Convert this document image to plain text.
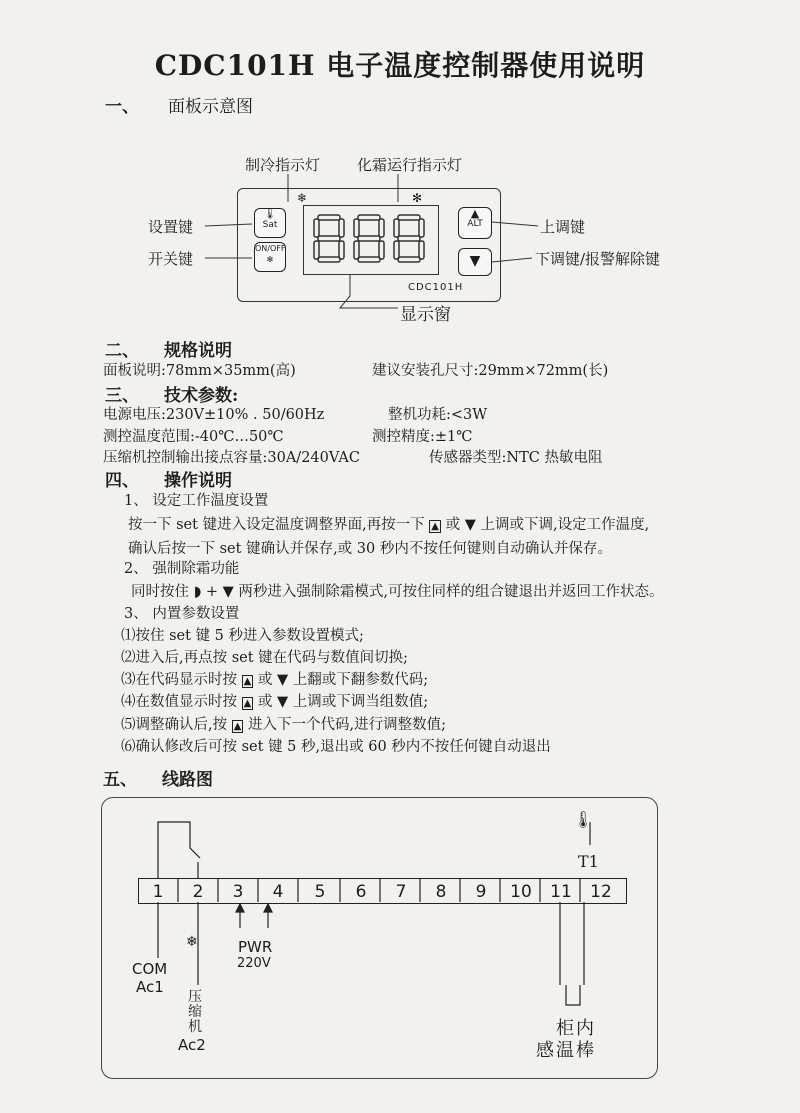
CDC101H 电子温度控制器使用说明
一、 面板示意图
制冷指示灯 化霜运行指示灯
设置键
开关键
上调键
下调键/报警解除键
显示窗
❄	✻
🌡
Sat
ON/OFF
✻
▲
ALT
▼
CDC101H
二、 规格说明
面板说明:78mm×35mm(高)	建议安装孔尺寸:29mm×72mm(长)
三、 技术参数:
电源电压:230V±10% . 50/60Hz	整机功耗:<3W
测控温度范围:-40℃…50℃	测控精度:±1℃
压缩机控制输出接点容量:30A/240VAC	传感器类型:NTC 热敏电阻
四、 操作说明
1、 设定工作温度设置
按一下 set 键进入设定温度调整界面,再按一下 ▲ 或 ▼ 上调或下调,设定工作温度,
确认后按一下 set 键确认并保存,或 30 秒内不按任何键则自动确认并保存。
2、 强制除霜功能
同时按住 ◗ + ▼ 两秒进入强制除霜模式,可按住同样的组合键退出并返回工作状态。
3、 内置参数设置
⑴按住 set 键 5 秒进入参数设置模式;
⑵进入后,再点按 set 键在代码与数值间切换;
⑶在代码显示时按 ▲ 或 ▼ 上翻或下翻参数代码;
⑷在数值显示时按 ▲ 或 ▼ 上调或下调当组数值;
⑸调整确认后,按 ▲ 进入下一个代码,进行调整数值;
⑹确认修改后可按 set 键 5 秒,退出或 60 秒内不按任何键自动退出
五、 线路图
1	2	3	4	5	6	7	8	9	10	11	12
❄
🌡
T1
PWR
220V
COM
Ac1
压缩机
Ac2
柜内
感温棒
